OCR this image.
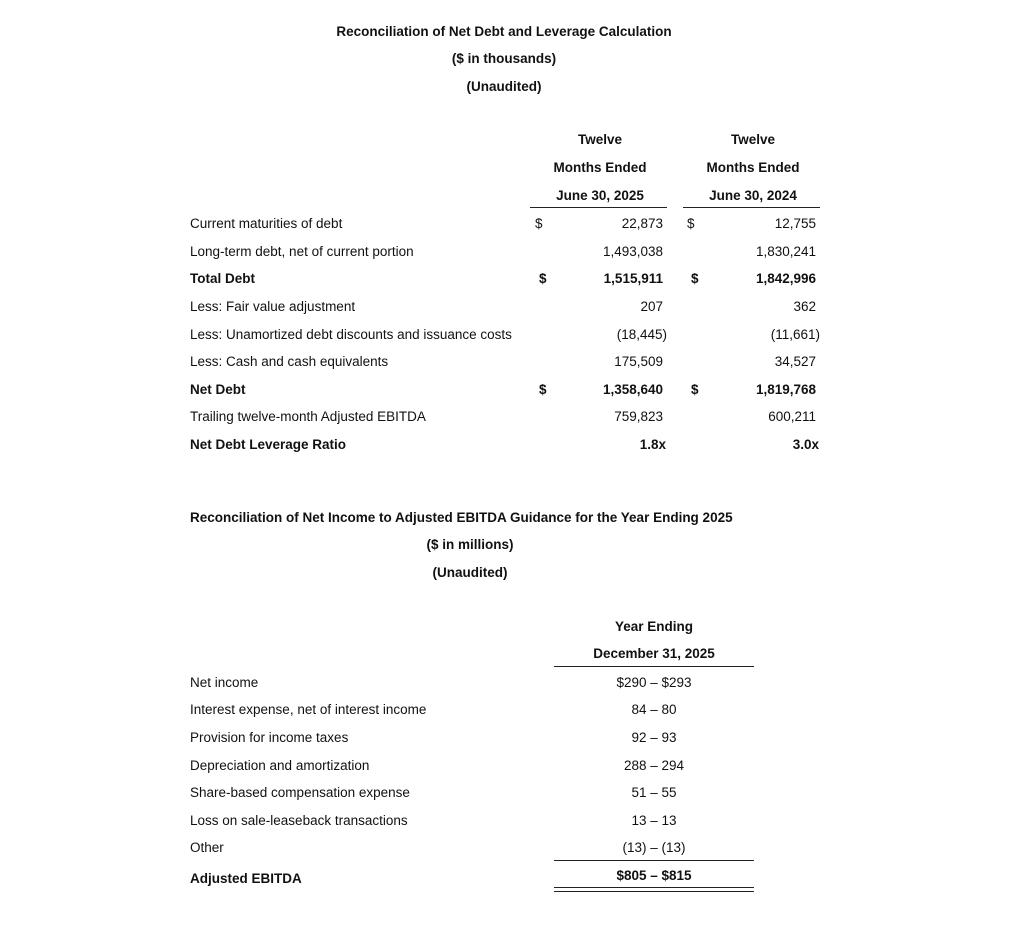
Reconciliation of Net Debt and Leverage Calculation
($ in thousands)
(Unaudited)
Twelve
Months Ended
June 30, 2025
Twelve
Months Ended
June 30, 2024
Current maturities of debt	$	22,873 $	12,755
Long-term debt, net of current portion	1,493,038	1,830,241
Total Debt	$	1,515,911 $	1,842,996
Less: Fair value adjustment	207	362
Less: Unamortized debt discounts and issuance costs	(18,445)	(11,661)
Less: Cash and cash equivalents	175,509	34,527
Net Debt	$	1,358,640 $	1,819,768
Trailing twelve-month Adjusted EBITDA	759,823	600,211
Net Debt Leverage Ratio	1.8x	3.0x
Reconciliation of Net Income to Adjusted EBITDA Guidance for the Year Ending 2025
($ in millions)
(Unaudited)
Year Ending
December 31, 2025
Net income	$290 – $293
Interest expense, net of interest income	84 – 80
Provision for income taxes	92 – 93
Depreciation and amortization	288 – 294
Share-based compensation expense	51 – 55
Loss on sale-leaseback transactions	13 – 13
Other	(13) – (13)
Adjusted EBITDA	$805 – $815
